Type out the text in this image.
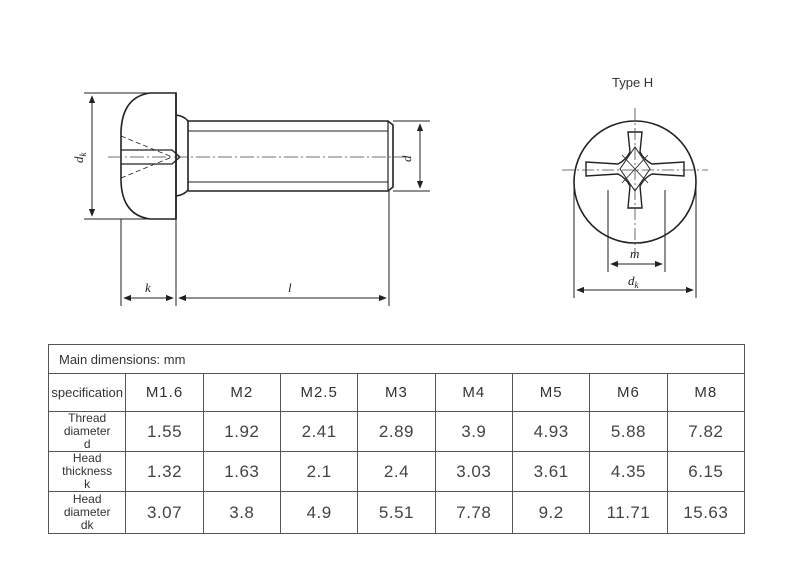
$d_k$
d
k	l
Type H
m
$d_k$
Main dimensions: mm								
specification	M1.6	M2	M2.5	M3	M4	M5	M6	M8

Thread diameter
d	1.55	1.92	2.41	2.89	3.9	4.93	5.88	7.82

Head thickness
k	1.32	1.63	2.1	2.4	3.03	3.61	4.35	6.15

Head diameter
dk	3.07	3.8	4.9	5.51	7.78	9.2	11.71	15.63
